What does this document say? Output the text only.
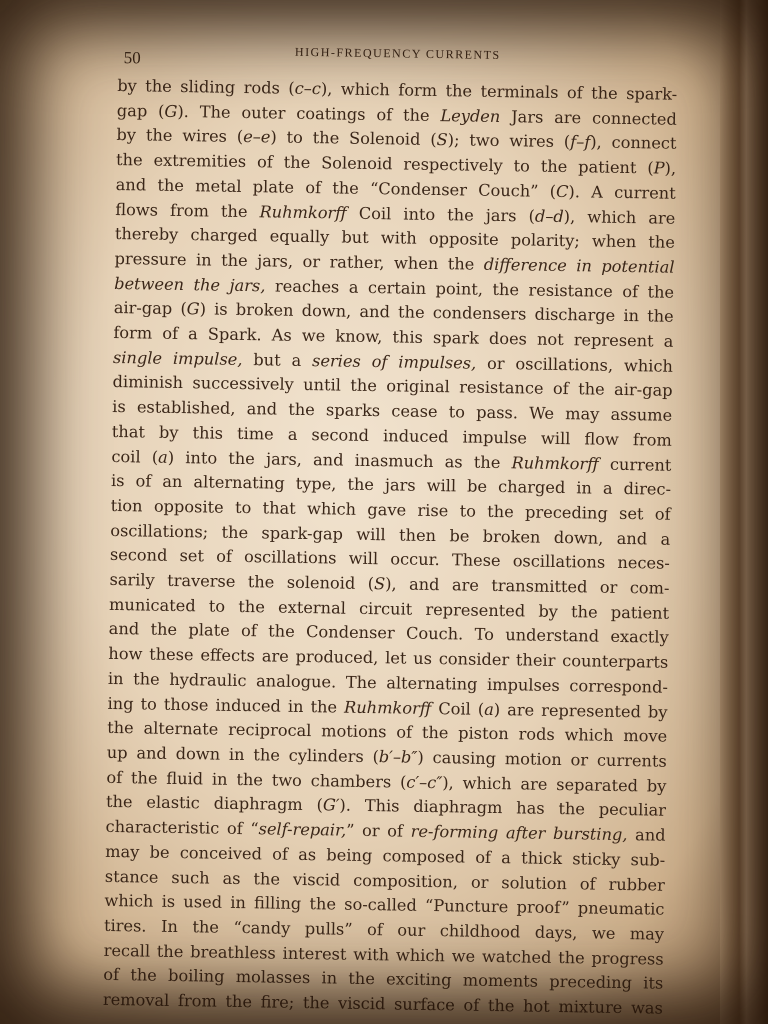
50	HIGH-FREQUENCY CURRENTS
by the sliding rods (c–c), which form the terminals of the spark-
gap (G). The outer coatings of the Leyden Jars are connected
by the wires (e–e) to the Solenoid (S); two wires (f–f), connect
the extremities of the Solenoid respectively to the patient (P),
and the metal plate of the “Condenser Couch” (C). A current
flows from the Ruhmkorff Coil into the jars (d–d), which are
thereby charged equally but with opposite polarity; when the
pressure in the jars, or rather, when the difference in potential
between the jars, reaches a certain point, the resistance of the
air-gap (G) is broken down, and the condensers discharge in the
form of a Spark. As we know, this spark does not represent a
single impulse, but a series of impulses, or oscillations, which
diminish successively until the original resistance of the air-gap
is established, and the sparks cease to pass. We may assume
that by this time a second induced impulse will flow from
coil (a) into the jars, and inasmuch as the Ruhmkorff current
is of an alternating type, the jars will be charged in a direc-
tion opposite to that which gave rise to the preceding set of
oscillations; the spark-gap will then be broken down, and a
second set of oscillations will occur. These oscillations neces-
sarily traverse the solenoid (S), and are transmitted or com-
municated to the external circuit represented by the patient
and the plate of the Condenser Couch. To understand exactly
how these effects are produced, let us consider their counterparts
in the hydraulic analogue. The alternating impulses correspond-
ing to those induced in the Ruhmkorff Coil (a) are represented by
the alternate reciprocal motions of the piston rods which move
up and down in the cylinders (b′–b″) causing motion or currents
of the fluid in the two chambers (c′–c″), which are separated by
the elastic diaphragm (G′). This diaphragm has the peculiar
characteristic of “self-repair,” or of re-forming after bursting, and
may be conceived of as being composed of a thick sticky sub-
stance such as the viscid composition, or solution of rubber
which is used in filling the so-called “Puncture proof” pneumatic
tires. In the “candy pulls” of our childhood days, we may
recall the breathless interest with which we watched the progress
of the boiling molasses in the exciting moments preceding its
removal from the fire; the viscid surface of the hot mixture was
